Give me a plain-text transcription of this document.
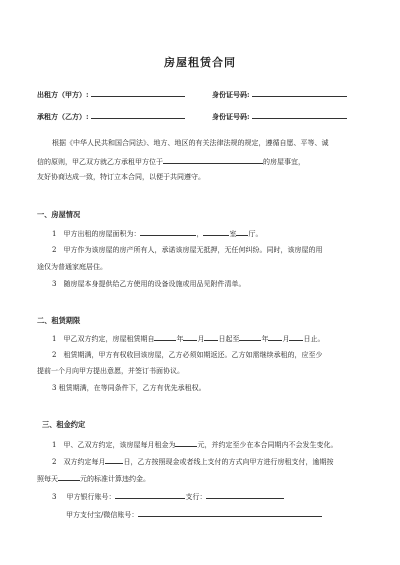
房屋租赁合同
出租方（甲方）:	身份证号码:
承租方（乙方）:	身份证号码:
根据《中华人民共和国合同法》、地方、地区的有关法律法规的规定，遵循自愿、平等、诚
信的原则，甲乙双方就乙方承租甲方位于	的房屋事宜，
友好协商达成一致，特订立本合同，以便于共同遵守。
一、房屋情况
1　甲方出租的房屋面积为：	，	室 厅。
2　甲方作为该房屋的房产所有人，承诺该房屋无抵押，无任何纠纷。同时，该房屋的用
途仅为普通家庭居住。
3　随房屋本身提供给乙方使用的设备设施或用品见附件清单。
二、租赁期限
1　甲乙双方约定，房屋租赁期自	年 月 日起至	年 月 日止。
2　租赁期满，甲方有权收回该房屋，乙方必须如期返还。乙方如需继续承租的，应至少
提前一个月向甲方提出意愿，并签订书面协议。
3 租赁期满，在等同条件下，乙方有优先承租权。
三、租金约定
1　甲、乙双方约定，该房屋每月租金为	元，并约定至少在本合同期内不会发生变化。
2　双方约定每月	日，乙方按照现金或者线上支付的方式向甲方进行房租支付，逾期按
照每天	元的标准计算违约金。
3 甲方银行账号：	支行：
甲方支付宝/微信账号：
